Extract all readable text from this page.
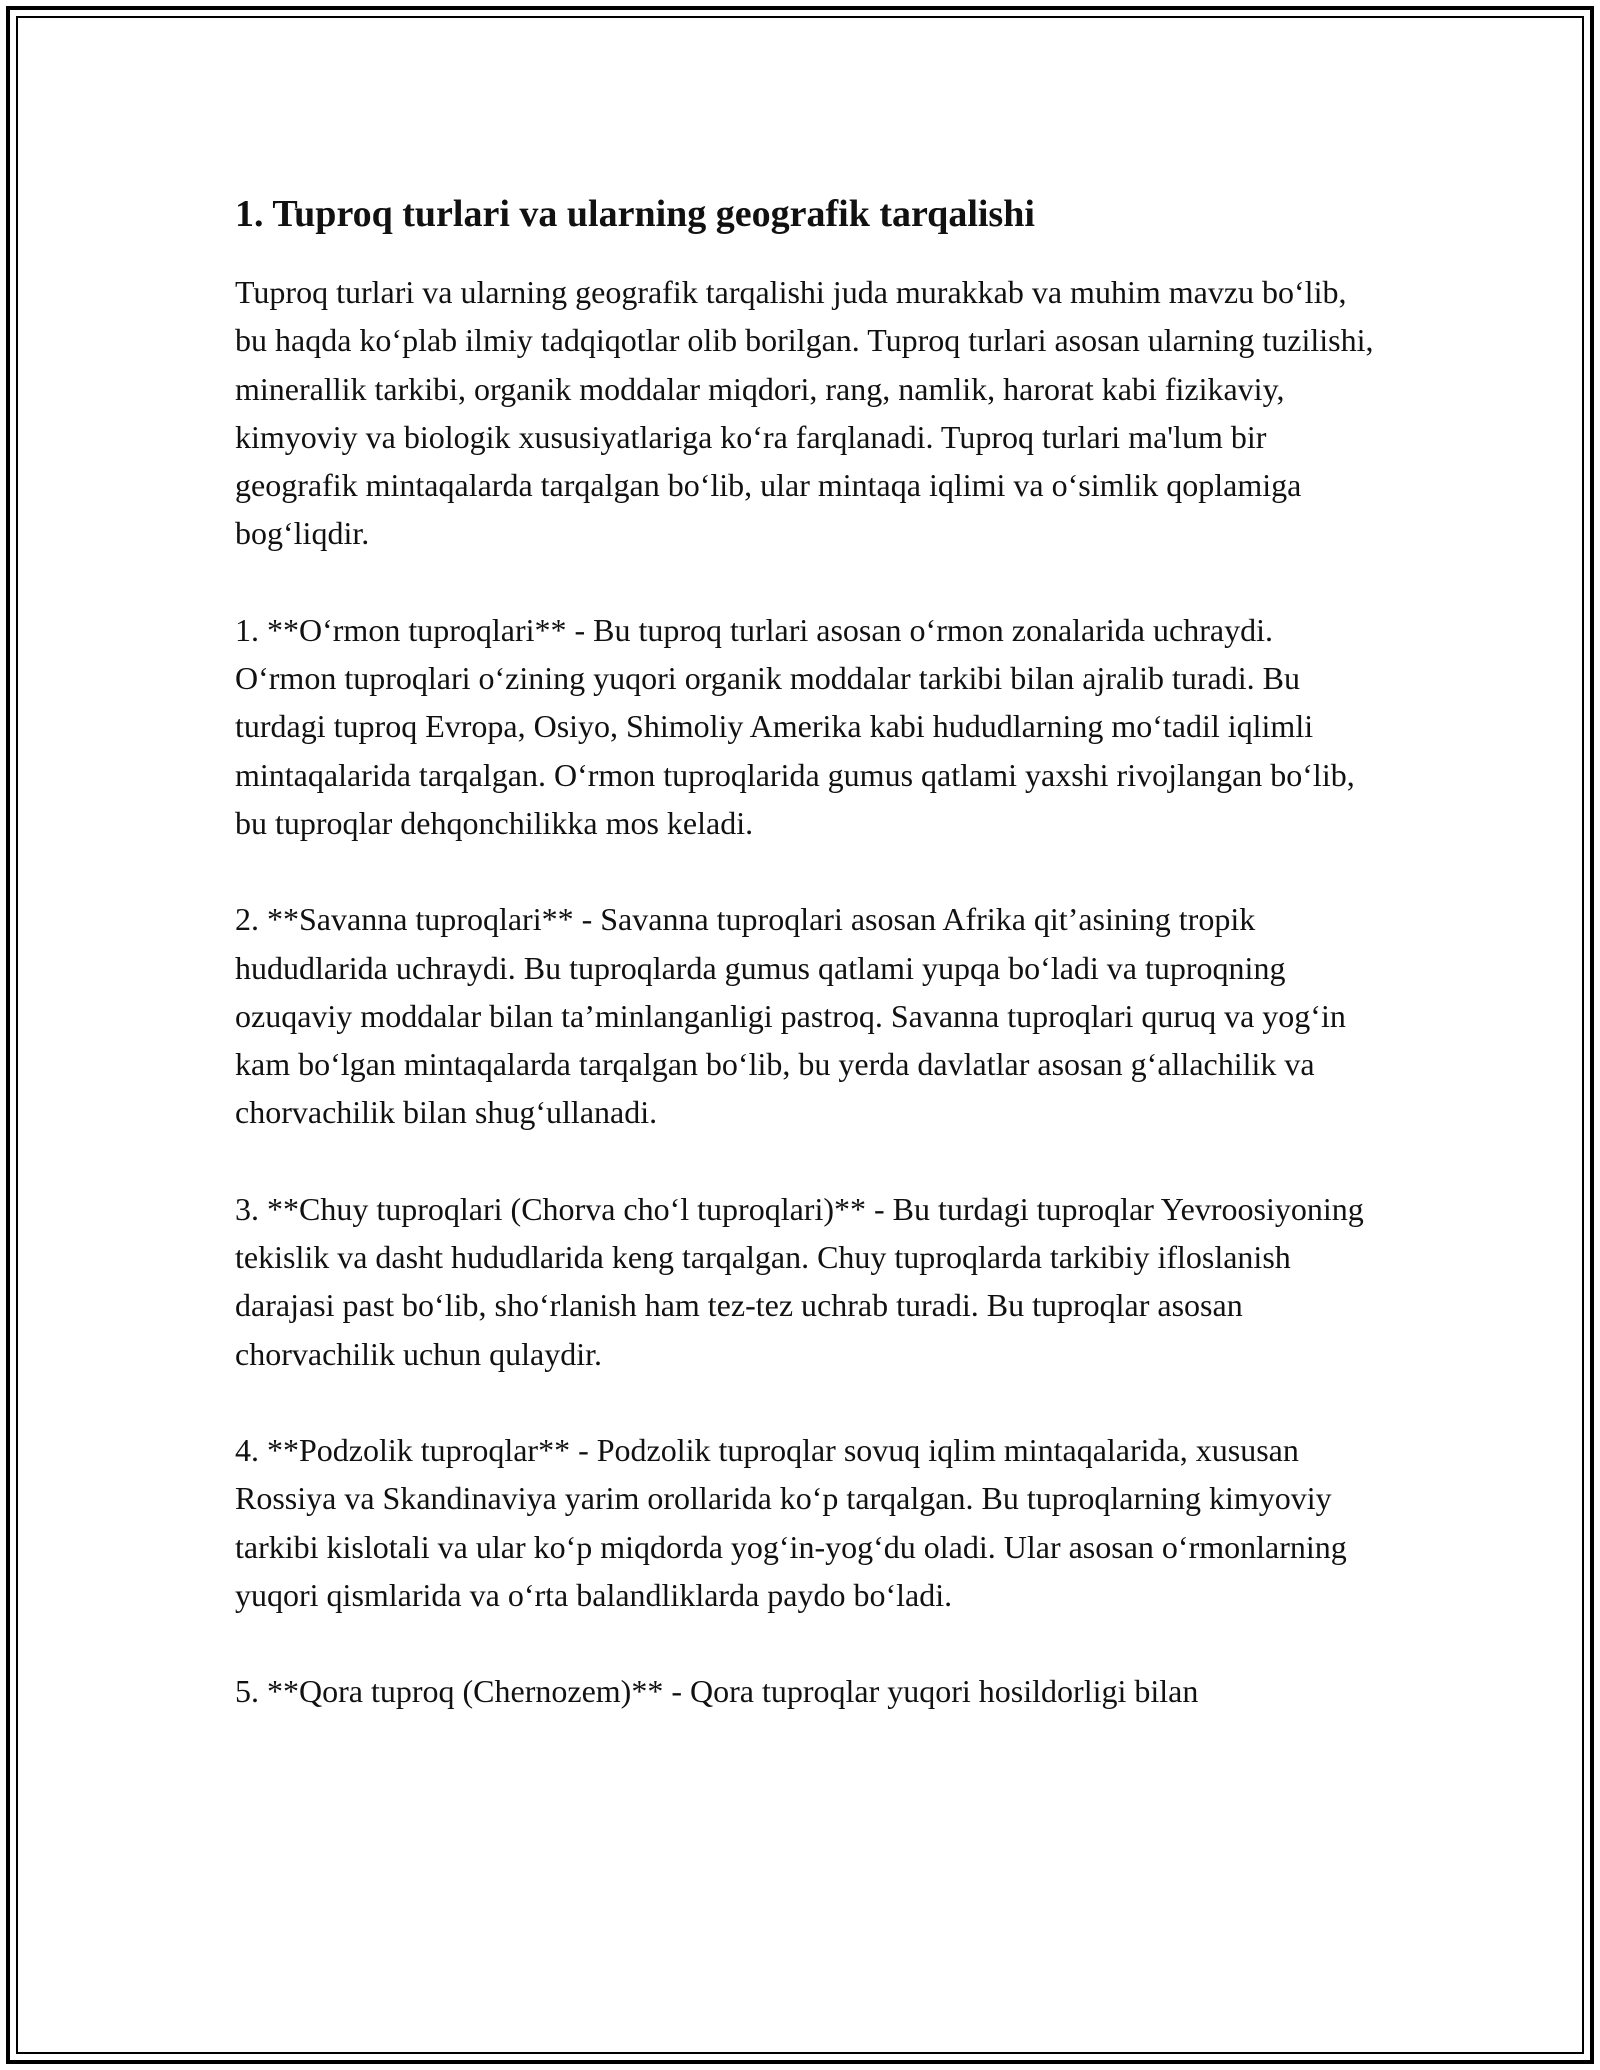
1. Tuproq turlari va ularning geografik tarqalishi

Tuproq turlari va ularning geografik tarqalishi juda murakkab va muhim mavzu bo‘lib, bu haqda ko‘plab ilmiy tadqiqotlar olib borilgan. Tuproq turlari asosan ularning tuzilishi, minerallik tarkibi, organik moddalar miqdori, rang, namlik, harorat kabi fizikaviy, kimyoviy va biologik xususiyatlariga ko‘ra farqlanadi. Tuproq turlari ma'lum bir geografik mintaqalarda tarqalgan bo‘lib, ular mintaqa iqlimi va o‘simlik qoplamiga bog‘liqdir.

1. **O‘rmon tuproqlari** - Bu tuproq turlari asosan o‘rmon zonalarida uchraydi. O‘rmon tuproqlari o‘zining yuqori organik moddalar tarkibi bilan ajralib turadi. Bu turdagi tuproq Evropa, Osiyo, Shimoliy Amerika kabi hududlarning mo‘tadil iqlimli mintaqalarida tarqalgan. O‘rmon tuproqlarida gumus qatlami yaxshi rivojlangan bo‘lib, bu tuproqlar dehqonchilikka mos keladi.

2. **Savanna tuproqlari** - Savanna tuproqlari asosan Afrika qit’asining tropik hududlarida uchraydi. Bu tuproqlarda gumus qatlami yupqa bo‘ladi va tuproqning ozuqaviy moddalar bilan ta’minlanganligi pastroq. Savanna tuproqlari quruq va yog‘in kam bo‘lgan mintaqalarda tarqalgan bo‘lib, bu yerda davlatlar asosan g‘allachilik va chorvachilik bilan shug‘ullanadi.

3. **Chuy tuproqlari (Chorva cho‘l tuproqlari)** - Bu turdagi tuproqlar Yevroosiyoning tekislik va dasht hududlarida keng tarqalgan. Chuy tuproqlarda tarkibiy ifloslanish darajasi past bo‘lib, sho‘rlanish ham tez-tez uchrab turadi. Bu tuproqlar asosan chorvachilik uchun qulaydir.

4. **Podzolik tuproqlar** - Podzolik tuproqlar sovuq iqlim mintaqalarida, xususan Rossiya va Skandinaviya yarim orollarida ko‘p tarqalgan. Bu tuproqlarning kimyoviy tarkibi kislotali va ular ko‘p miqdorda yog‘in-yog‘du oladi. Ular asosan o‘rmonlarning yuqori qismlarida va o‘rta balandliklarda paydo bo‘ladi.

5. **Qora tuproq (Chernozem)** - Qora tuproqlar yuqori hosildorligi bilan
